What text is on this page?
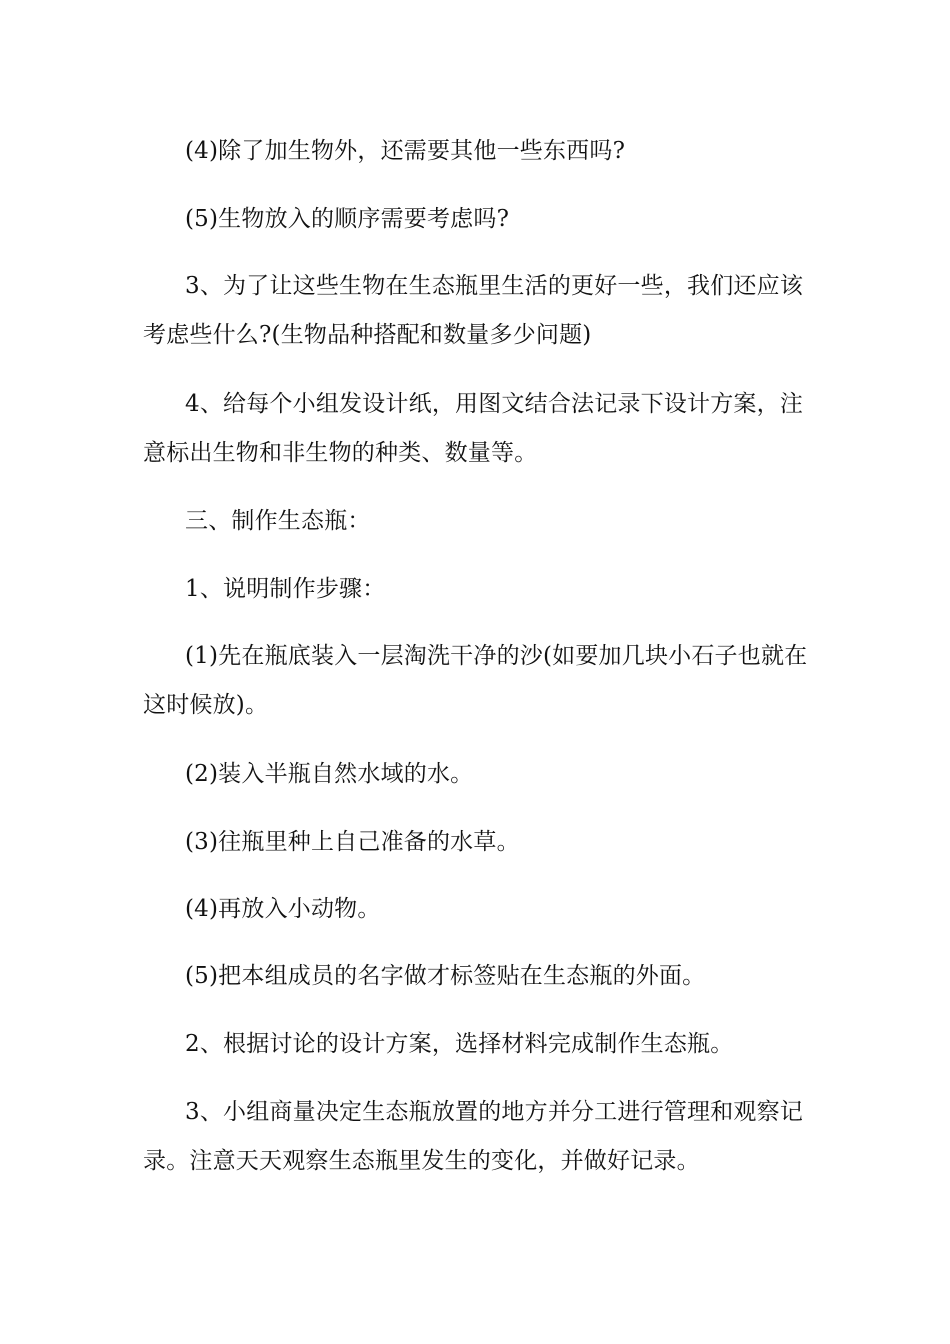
(4)除了加生物外，还需要其他一些东西吗?

(5)生物放入的顺序需要考虑吗?

3、为了让这些生物在生态瓶里生活的更好一些，我们还应该考虑些什么?(生物品种搭配和数量多少问题)

4、给每个小组发设计纸，用图文结合法记录下设计方案，注意标出生物和非生物的种类、数量等。

三、制作生态瓶：

1、说明制作步骤：

(1)先在瓶底装入一层淘洗干净的沙(如要加几块小石子也就在这时候放)。

(2)装入半瓶自然水域的水。

(3)往瓶里种上自己准备的水草。

(4)再放入小动物。

(5)把本组成员的名字做才标签贴在生态瓶的外面。

2、根据讨论的设计方案，选择材料完成制作生态瓶。

3、小组商量决定生态瓶放置的地方并分工进行管理和观察记录。注意天天观察生态瓶里发生的变化，并做好记录。
